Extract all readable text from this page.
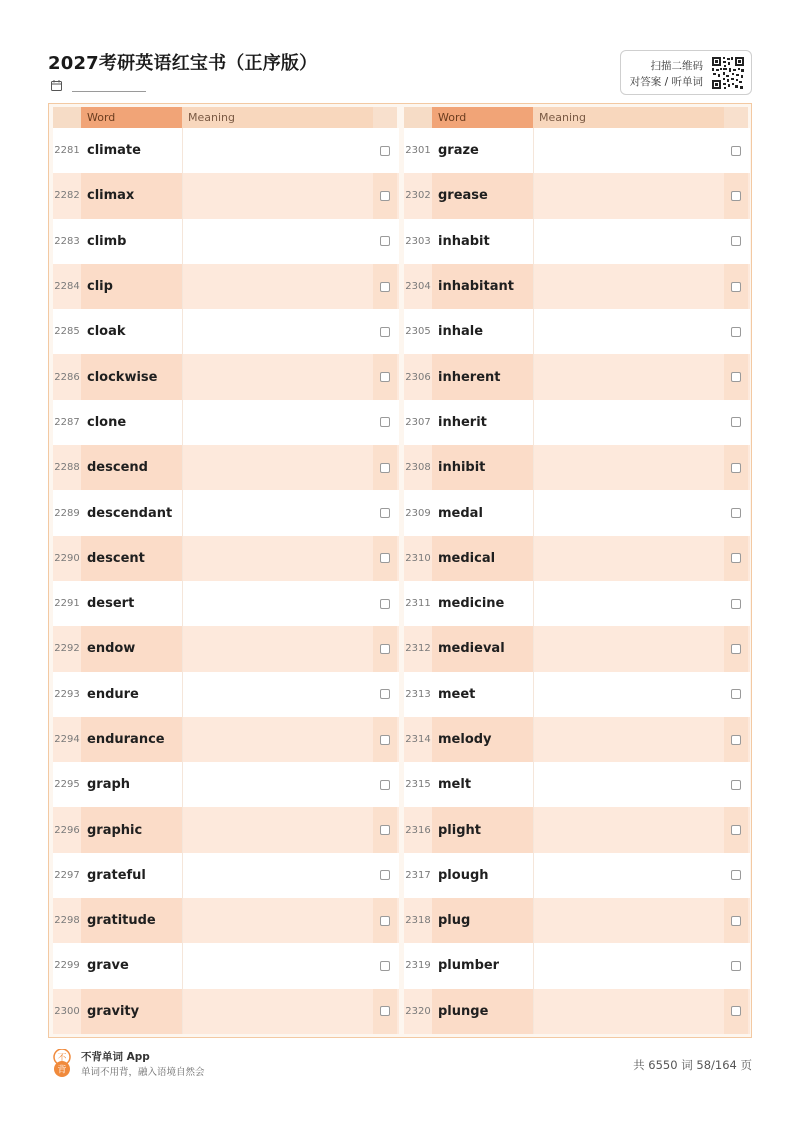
2027考研英语红宝书（正序版）	扫描二维码
对答案 / 听单词
Word	Meaning
2281 climate
2282 climax
2283 climb
2284 clip
2285 cloak
2286 clockwise
2287 clone
2288 descend
2289 descendant
2290 descent
2291 desert
2292 endow
2293 endure
2294 endurance
2295 graph
2296 graphic
2297 grateful
2298 gratitude
2299 grave
2300 gravity
Word	Meaning
2301 graze
2302 grease
2303 inhabit
2304 inhabitant
2305 inhale
2306 inherent
2307 inherit
2308 inhibit
2309 medal
2310 medical
2311 medicine
2312 medieval
2313 meet
2314 melody
2315 melt
2316 plight
2317 plough
2318 plug
2319 plumber
2320 plunge
不
背
不背单词 App
单词不用背，融入语境自然会
共 6550 词 58/164 页
